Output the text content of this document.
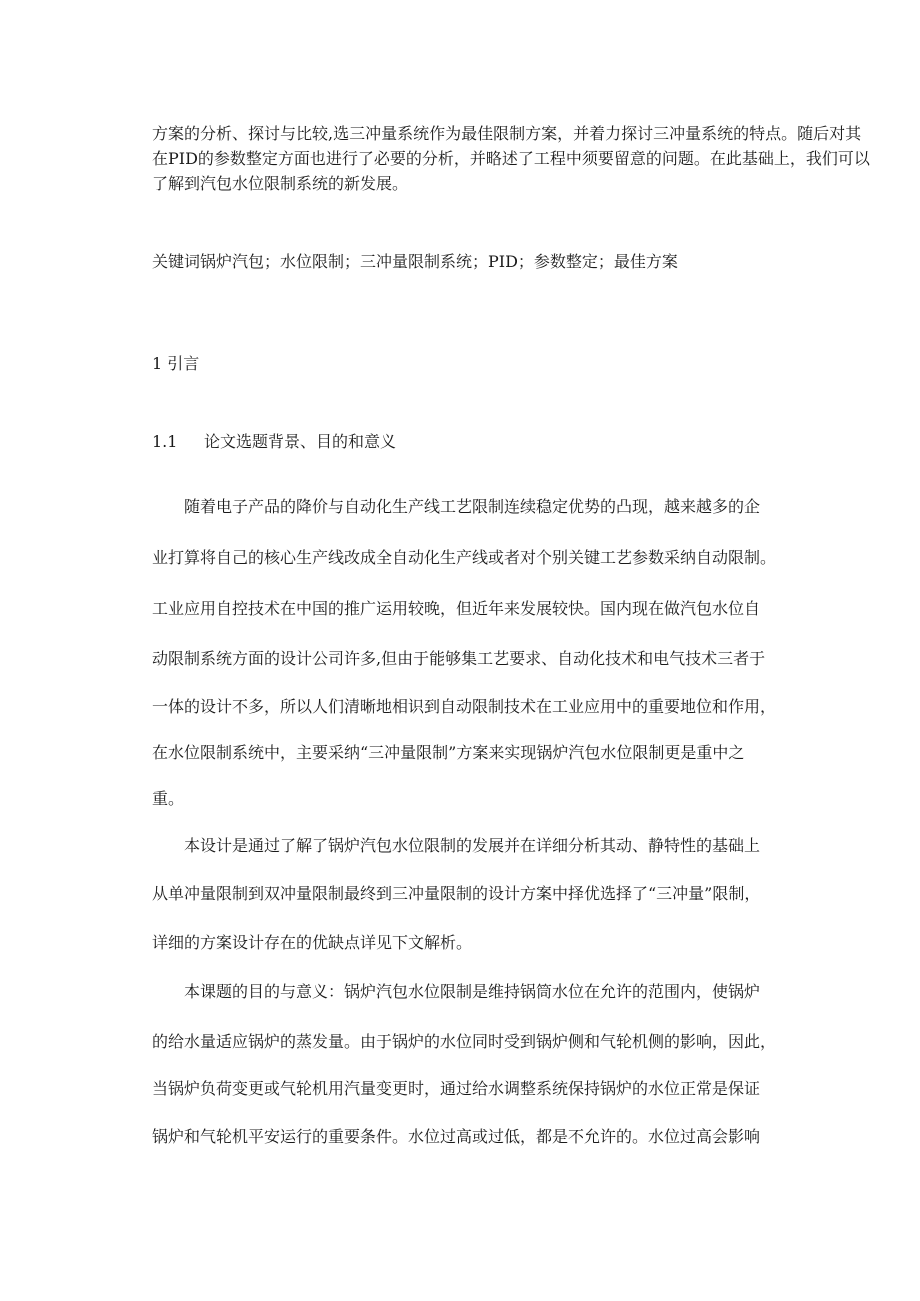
方案的分析、探讨与比较,选三冲量系统作为最佳限制方案，并着力探讨三冲量系统的特点。随后对其在PID的参数整定方面也进行了必要的分析，并略述了工程中须要留意的问题。在此基础上，我们可以了解到汽包水位限制系统的新发展。

关键词锅炉汽包；水位限制；三冲量限制系统；PID；参数整定；最佳方案

1 引言
1.1 论文选题背景、目的和意义

随着电子产品的降价与自动化生产线工艺限制连续稳定优势的凸现，越来越多的企

业打算将自己的核心生产线改成全自动化生产线或者对个别关键工艺参数采纳自动限制。

工业应用自控技术在中国的推广运用较晚，但近年来发展较快。国内现在做汽包水位自

动限制系统方面的设计公司许多,但由于能够集工艺要求、自动化技术和电气技术三者于

一体的设计不多，所以人们清晰地相识到自动限制技术在工业应用中的重要地位和作用，

在水位限制系统中，主要采纳“三冲量限制”方案来实现锅炉汽包水位限制更是重中之

重。

本设计是通过了解了锅炉汽包水位限制的发展并在详细分析其动、静特性的基础上

从单冲量限制到双冲量限制最终到三冲量限制的设计方案中择优选择了“三冲量”限制，

详细的方案设计存在的优缺点详见下文解析。

本课题的目的与意义：锅炉汽包水位限制是维持锅筒水位在允许的范围内，使锅炉

的给水量适应锅炉的蒸发量。由于锅炉的水位同时受到锅炉侧和气轮机侧的影响，因此，

当锅炉负荷变更或气轮机用汽量变更时，通过给水调整系统保持锅炉的水位正常是保证

锅炉和气轮机平安运行的重要条件。水位过高或过低，都是不允许的。水位过高会影响
